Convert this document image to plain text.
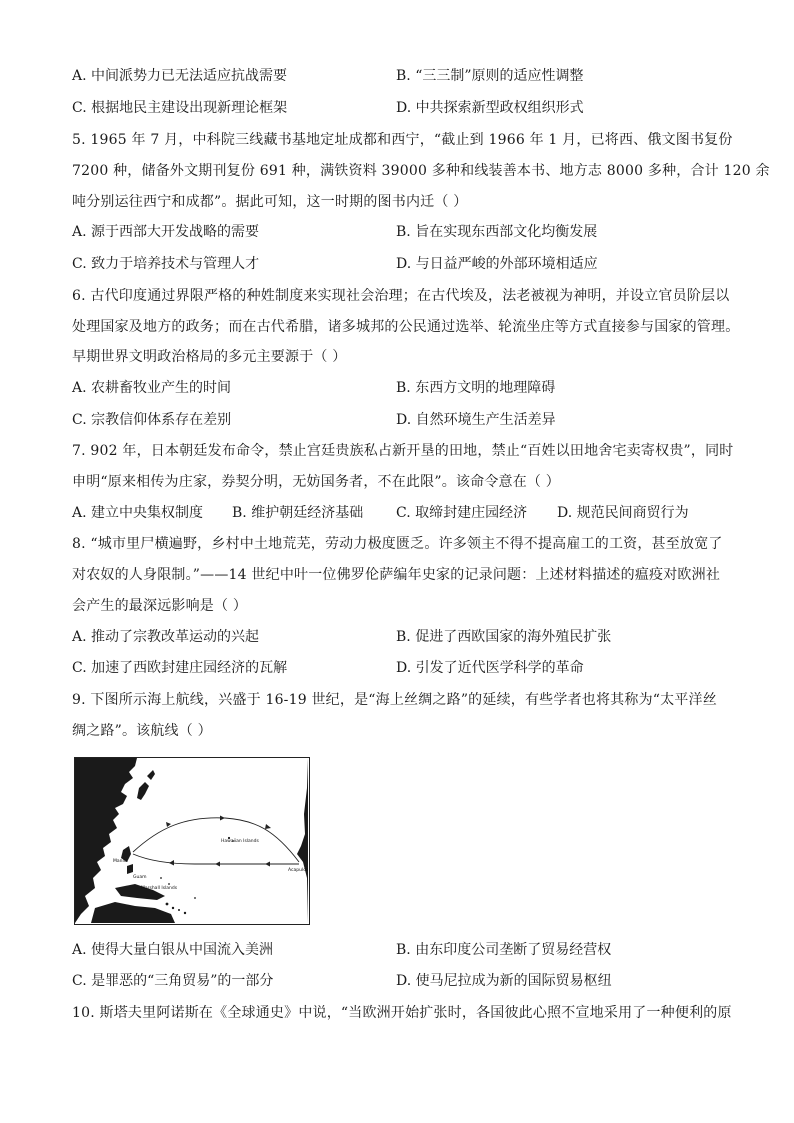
A. 中间派势力已无法适应抗战需要	B. “三三制”原则的适应性调整
C. 根据地民主建设出现新理论框架	D. 中共探索新型政权组织形式
5. 1965 年 7 月，中科院三线藏书基地定址成都和西宁，“截止到 1966 年 1 月，已将西、俄文图书复份
7200 种，储备外文期刊复份 691 种，满铁资料 39000 多种和线装善本书、地方志 8000 多种，合计 120 余
吨分别运往西宁和成都”。据此可知，这一时期的图书内迁（ ）
A. 源于西部大开发战略的需要	B. 旨在实现东西部文化均衡发展
C. 致力于培养技术与管理人才	D. 与日益严峻的外部环境相适应
6. 古代印度通过界限严格的种姓制度来实现社会治理；在古代埃及，法老被视为神明，并设立官员阶层以
处理国家及地方的政务；而在古代希腊，诸多城邦的公民通过选举、轮流坐庄等方式直接参与国家的管理。
早期世界文明政治格局的多元主要源于（ ）
A. 农耕畜牧业产生的时间	B. 东西方文明的地理障碍
C. 宗教信仰体系存在差别	D. 自然环境生产生活差异
7. 902 年，日本朝廷发布命令，禁止宫廷贵族私占新开垦的田地，禁止“百姓以田地舍宅卖寄权贵”，同时
申明“原来相传为庄家，券契分明，无妨国务者，不在此限”。该命令意在（ ）
A. 建立中央集权制度 B. 维护朝廷经济基础 C. 取缔封建庄园经济 D. 规范民间商贸行为
8. “城市里尸横遍野，乡村中土地荒芜，劳动力极度匮乏。许多领主不得不提高雇工的工资，甚至放宽了
对农奴的人身限制。”——14 世纪中叶一位佛罗伦萨编年史家的记录问题：上述材料描述的瘟疫对欧洲社
会产生的最深远影响是（ ）
A. 推动了宗教改革运动的兴起	B. 促进了西欧国家的海外殖民扩张
C. 加速了西欧封建庄园经济的瓦解	D. 引发了近代医学科学的革命
9. 下图所示海上航线，兴盛于 16-19 世纪，是“海上丝绸之路”的延续，有些学者也将其称为“太平洋丝
绸之路”。该航线（ ）
Hawaiian Islands
Manila
Guam
Marshall Islands
Acapulco
A. 使得大量白银从中国流入美洲	B. 由东印度公司垄断了贸易经营权
C. 是罪恶的“三角贸易”的一部分	D. 使马尼拉成为新的国际贸易枢纽
10. 斯塔夫里阿诺斯在《全球通史》中说，“当欧洲开始扩张时，各国彼此心照不宣地采用了一种便利的原
